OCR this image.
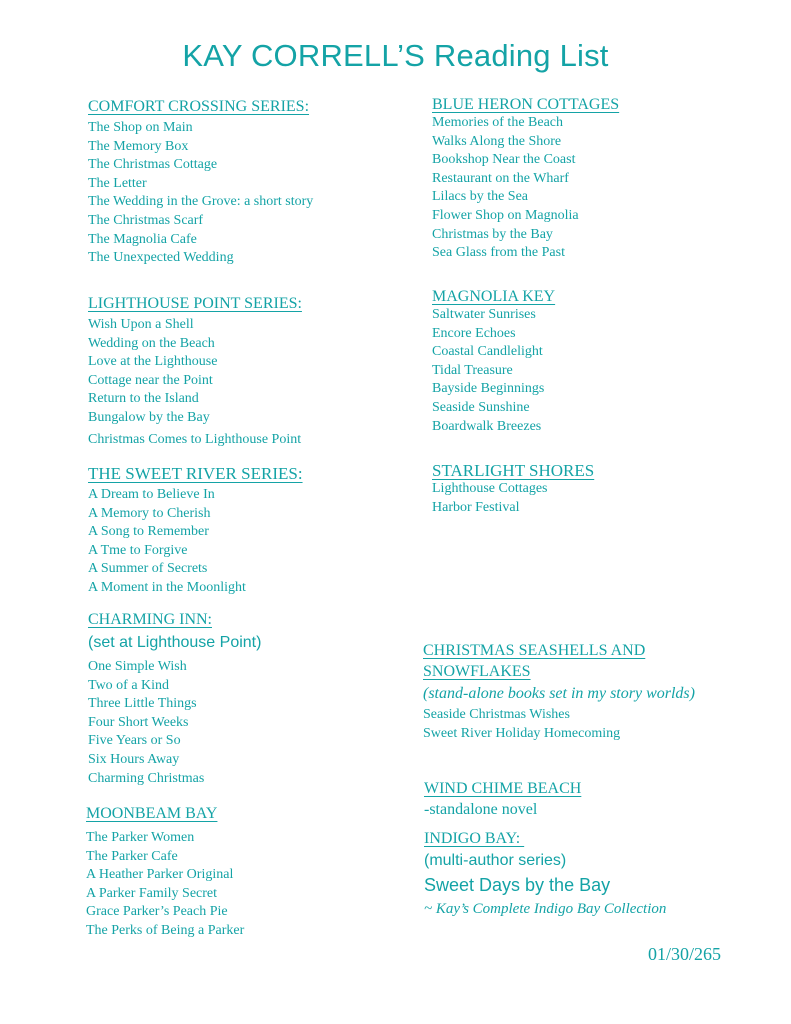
KAY CORRELL’S Reading List
COMFORT CROSSING SERIES:
The Shop on Main
The Memory Box
The Christmas Cottage
The Letter
The Wedding in the Grove: a short story
The Christmas Scarf
The Magnolia Cafe
The Unexpected Wedding
LIGHTHOUSE POINT SERIES:
Wish Upon a Shell
Wedding on the Beach
Love at the Lighthouse
Cottage near the Point
Return to the Island
Bungalow by the Bay
Christmas Comes to Lighthouse Point
THE SWEET RIVER SERIES:
A Dream to Believe In
A Memory to Cherish
A Song to Remember
A Tme to Forgive
A Summer of Secrets
A Moment in the Moonlight
CHARMING INN:
(set at Lighthouse Point)
One Simple Wish
Two of a Kind
Three Little Things
Four Short Weeks
Five Years or So
Six Hours Away
Charming Christmas
MOONBEAM BAY
The Parker Women
The Parker Cafe
A Heather Parker Original
A Parker Family Secret
Grace Parker’s Peach Pie
The Perks of Being a Parker
BLUE HERON COTTAGES
Memories of the Beach
Walks Along the Shore
Bookshop Near the Coast
Restaurant on the Wharf
Lilacs by the Sea
Flower Shop on Magnolia
Christmas by the Bay
Sea Glass from the Past
MAGNOLIA KEY
Saltwater Sunrises
Encore Echoes
Coastal Candlelight
Tidal Treasure
Bayside Beginnings
Seaside Sunshine
Boardwalk Breezes
STARLIGHT SHORES
Lighthouse Cottages
Harbor Festival
CHRISTMAS SEASHELLS AND
SNOWFLAKES
(stand-alone books set in my story worlds)
Seaside Christmas Wishes
Sweet River Holiday Homecoming
WIND CHIME BEACH
-standalone novel
INDIGO BAY:
(multi-author series)
Sweet Days by the Bay
~ Kay’s Complete Indigo Bay Collection
01/30/265
